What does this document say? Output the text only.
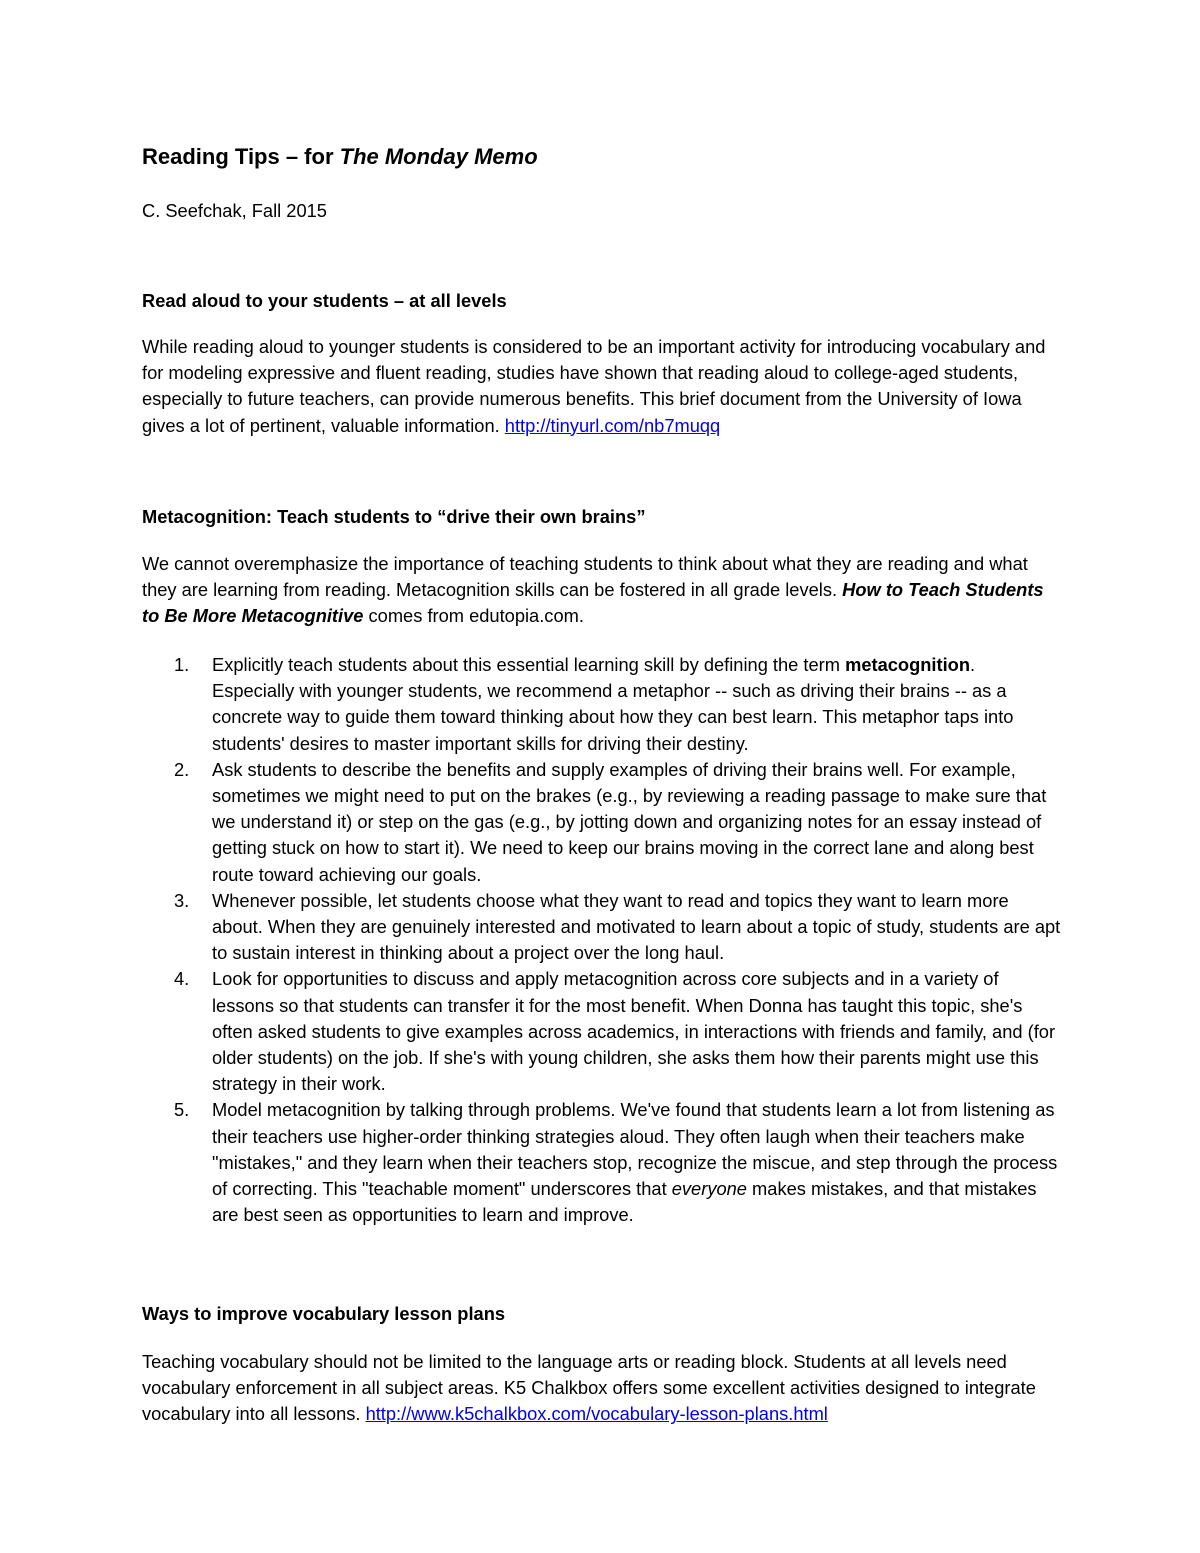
Reading Tips – for The Monday Memo
C. Seefchak, Fall 2015
Read aloud to your students – at all levels
While reading aloud to younger students is considered to be an important activity for introducing vocabulary and for modeling expressive and fluent reading, studies have shown that reading aloud to college-aged students, especially to future teachers, can provide numerous benefits. This brief document from the University of Iowa gives a lot of pertinent, valuable information. http://tinyurl.com/nb7muqq
Metacognition: Teach students to “drive their own brains”
We cannot overemphasize the importance of teaching students to think about what they are reading and what they are learning from reading. Metacognition skills can be fostered in all grade levels. How to Teach Students to Be More Metacognitive comes from edutopia.com.
1. Explicitly teach students about this essential learning skill by defining the term metacognition. Especially with younger students, we recommend a metaphor -- such as driving their brains -- as a concrete way to guide them toward thinking about how they can best learn. This metaphor taps into students' desires to master important skills for driving their destiny.
2. Ask students to describe the benefits and supply examples of driving their brains well. For example, sometimes we might need to put on the brakes (e.g., by reviewing a reading passage to make sure that we understand it) or step on the gas (e.g., by jotting down and organizing notes for an essay instead of getting stuck on how to start it). We need to keep our brains moving in the correct lane and along best route toward achieving our goals.
3. Whenever possible, let students choose what they want to read and topics they want to learn more about. When they are genuinely interested and motivated to learn about a topic of study, students are apt to sustain interest in thinking about a project over the long haul.
4. Look for opportunities to discuss and apply metacognition across core subjects and in a variety of lessons so that students can transfer it for the most benefit. When Donna has taught this topic, she's often asked students to give examples across academics, in interactions with friends and family, and (for older students) on the job. If she's with young children, she asks them how their parents might use this strategy in their work.
5. Model metacognition by talking through problems. We've found that students learn a lot from listening as their teachers use higher-order thinking strategies aloud. They often laugh when their teachers make "mistakes," and they learn when their teachers stop, recognize the miscue, and step through the process of correcting. This "teachable moment" underscores that everyone makes mistakes, and that mistakes are best seen as opportunities to learn and improve.
Ways to improve vocabulary lesson plans
Teaching vocabulary should not be limited to the language arts or reading block. Students at all levels need vocabulary enforcement in all subject areas. K5 Chalkbox offers some excellent activities designed to integrate vocabulary into all lessons. http://www.k5chalkbox.com/vocabulary-lesson-plans.html
